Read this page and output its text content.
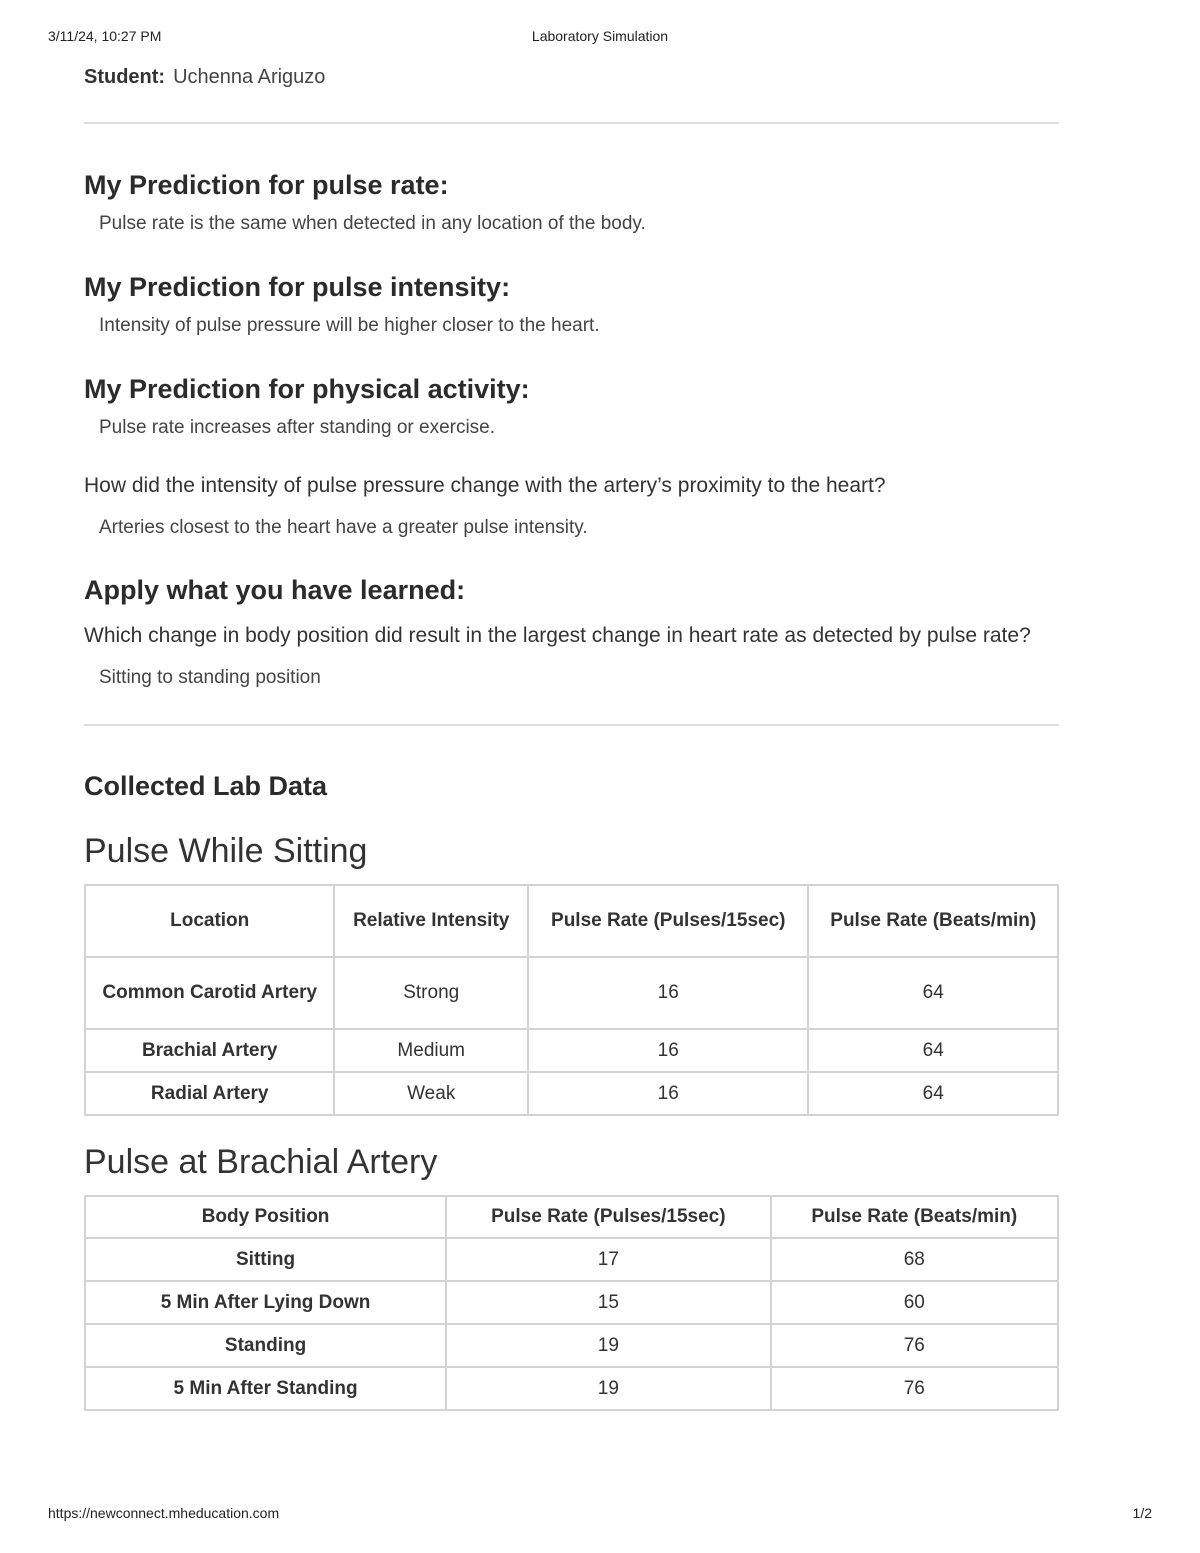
3/11/24, 10:27 PM	Laboratory Simulation

Student: Uchenna Ariguzo

My Prediction for pulse rate:

Pulse rate is the same when detected in any location of the body.

My Prediction for pulse intensity:

Intensity of pulse pressure will be higher closer to the heart.

My Prediction for physical activity:

Pulse rate increases after standing or exercise.

How did the intensity of pulse pressure change with the artery’s proximity to the heart?

Arteries closest to the heart have a greater pulse intensity.

Apply what you have learned:

Which change in body position did result in the largest change in heart rate as detected by pulse rate?

Sitting to standing position

Collected Lab Data
Pulse While Sitting
Location	Relative Intensity	Pulse Rate (Pulses/15sec)	Pulse Rate (Beats/min)
Common Carotid Artery	Strong	16	64
Brachial Artery	Medium	16	64
Radial Artery	Weak	16	64
Pulse at Brachial Artery
Body Position	Pulse Rate (Pulses/15sec)	Pulse Rate (Beats/min)
Sitting	17	68
5 Min After Lying Down	15	60
Standing	19	76
5 Min After Standing	19	76
https://newconnect.mheducation.com	1/2
